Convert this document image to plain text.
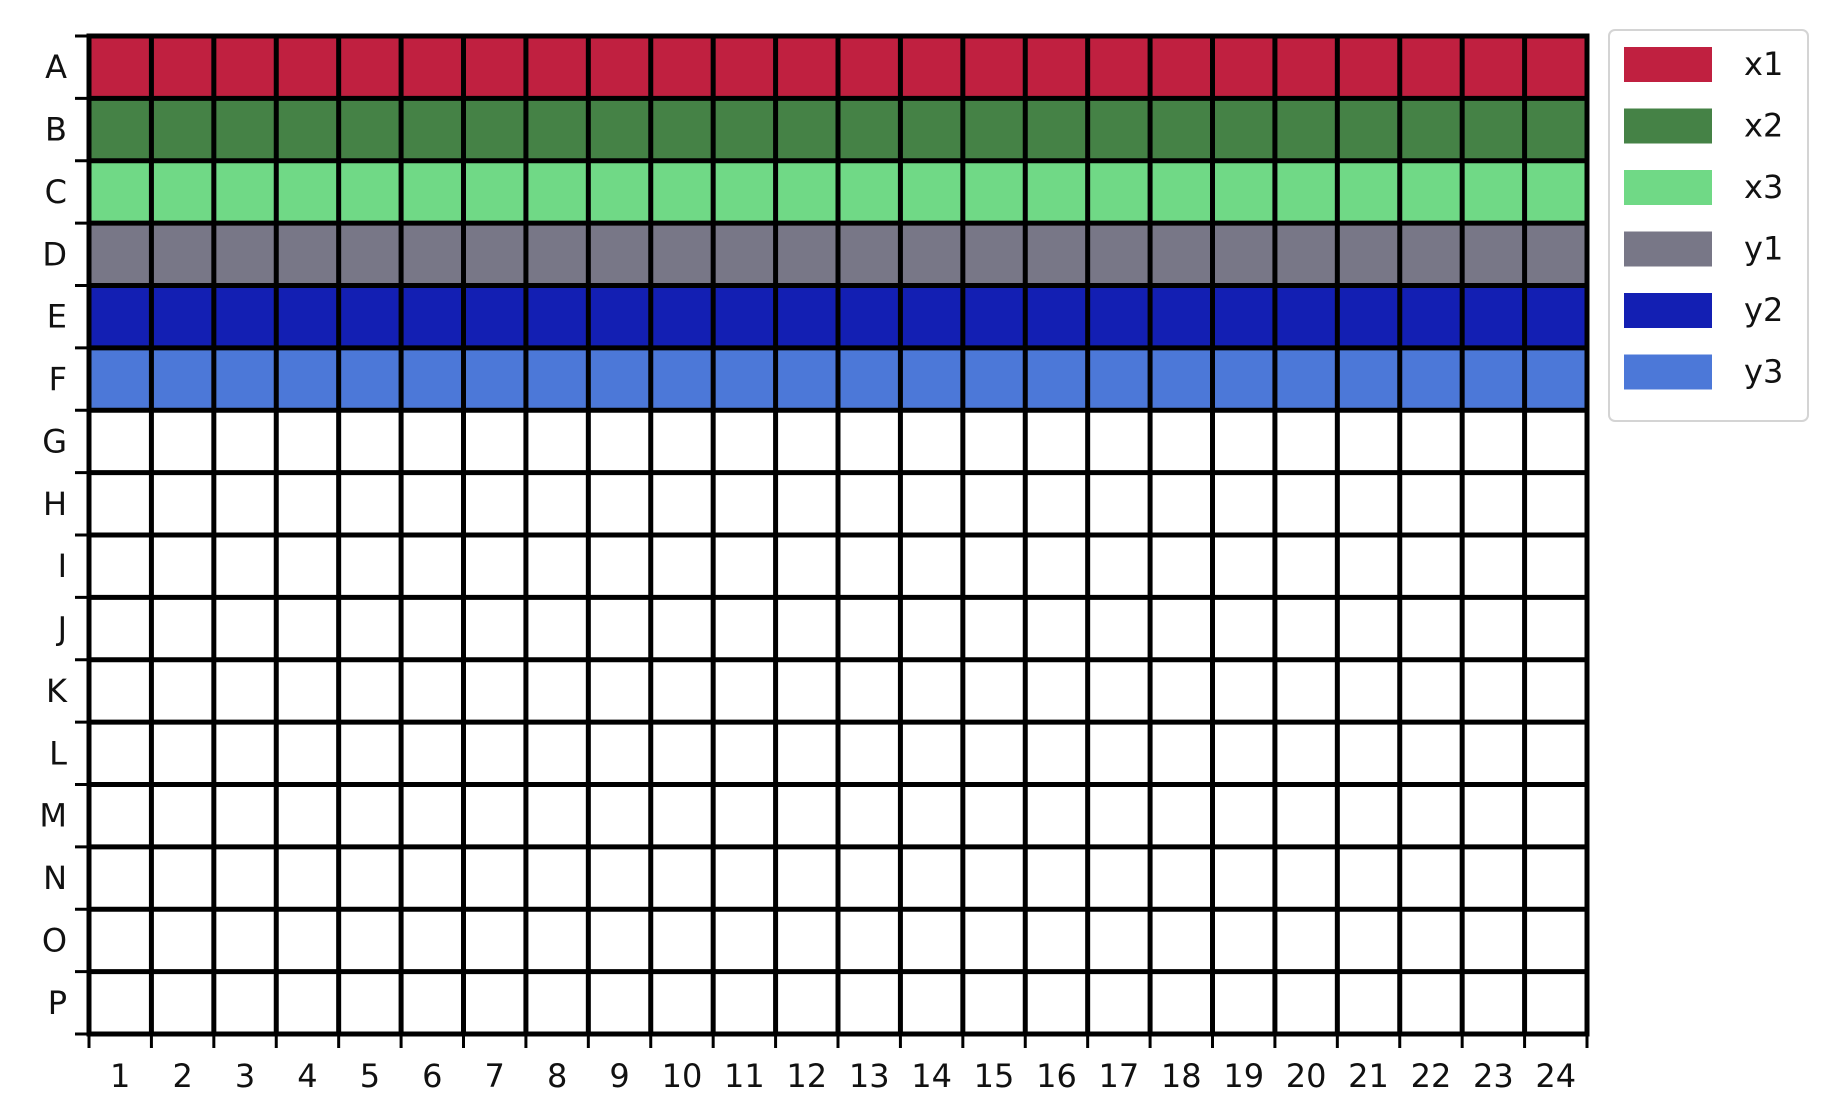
A
B
C
D
E
F
G
H
I
J
K
L
M
N
O
P
1 2 3 4 5 6 7 8 9 10 11 12 13 14 15 16 17 18 19 20 21 22 23 24
x1
x2
x3
y1
y2
y3
